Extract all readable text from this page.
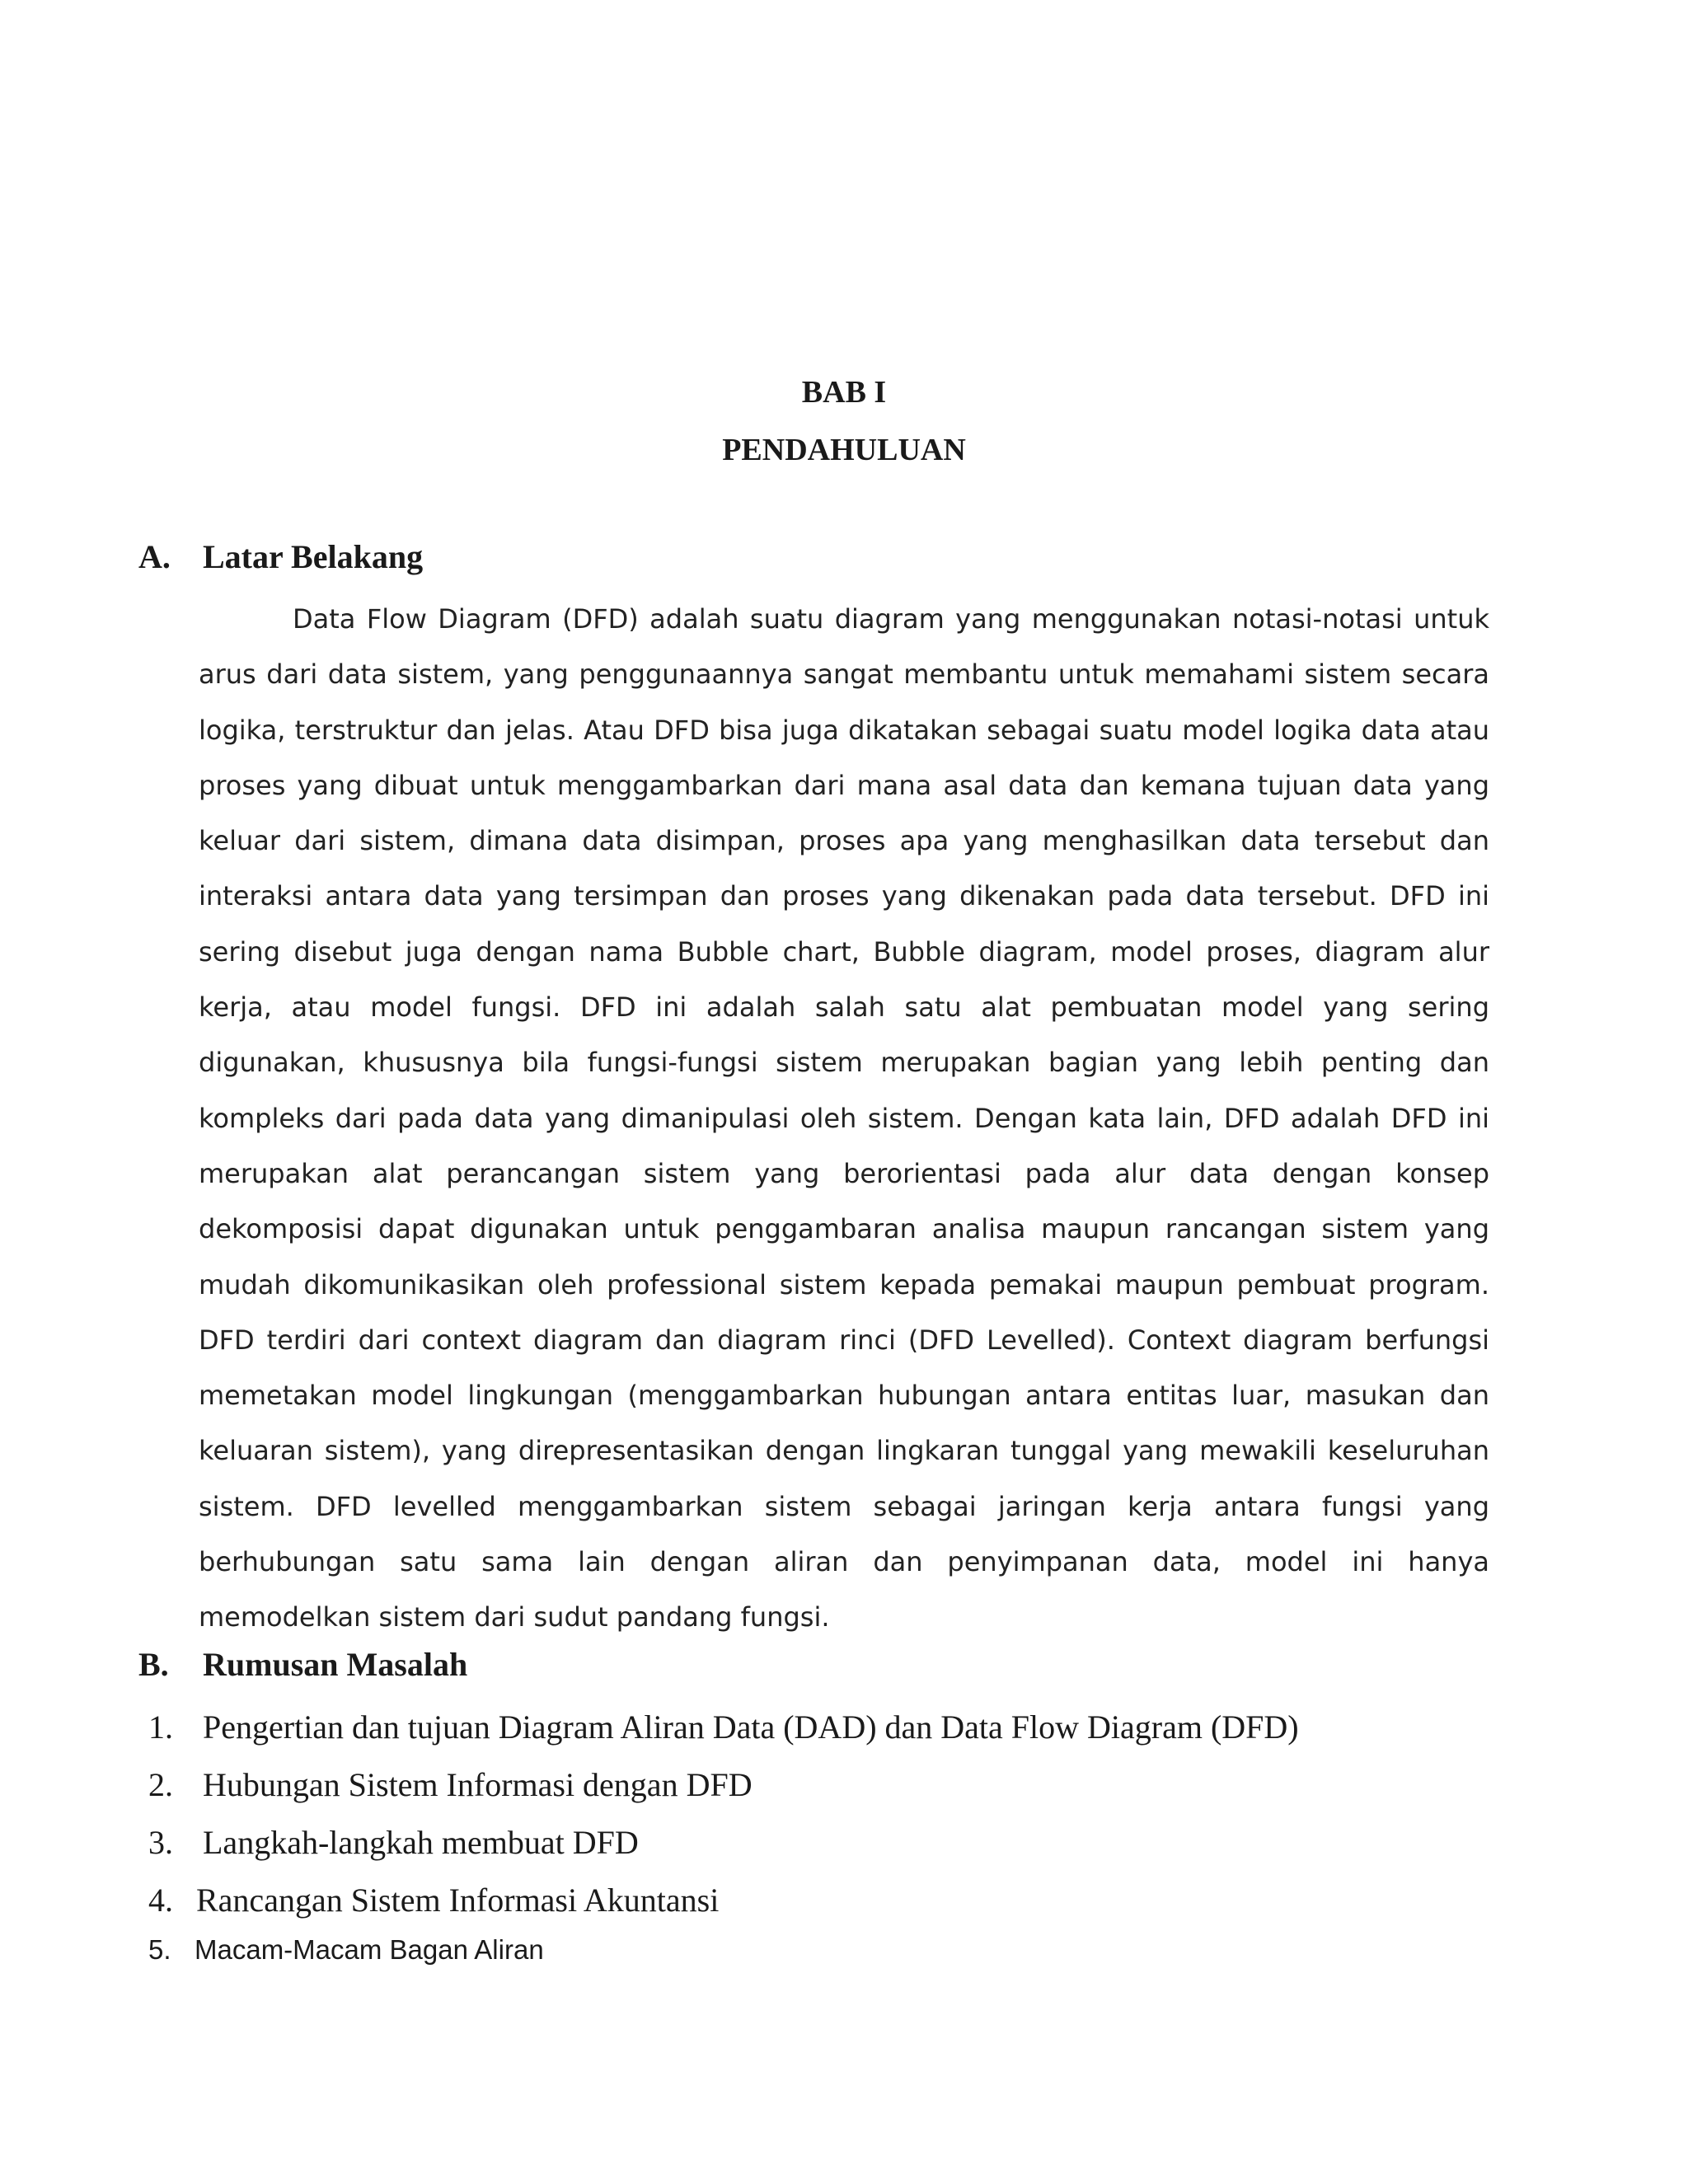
BAB I
PENDAHULUAN
A. Latar Belakang

Data Flow Diagram (DFD) adalah suatu diagram yang menggunakan notasi-notasi untuk arus dari data sistem, yang penggunaannya sangat membantu untuk memahami sistem secara logika, terstruktur dan jelas. Atau DFD bisa juga dikatakan sebagai suatu model logika data atau proses yang dibuat untuk menggambarkan dari mana asal data dan kemana tujuan data yang keluar dari sistem, dimana data disimpan, proses apa yang menghasilkan data tersebut dan interaksi antara data yang tersimpan dan proses yang dikenakan pada data tersebut. DFD ini sering disebut juga dengan nama Bubble chart, Bubble diagram, model proses, diagram alur kerja, atau model fungsi. DFD ini adalah salah satu alat pembuatan model yang sering digunakan, khususnya bila fungsi-fungsi sistem merupakan bagian yang lebih penting dan kompleks dari pada data yang dimanipulasi oleh sistem. Dengan kata lain, DFD adalah DFD ini merupakan alat perancangan sistem yang berorientasi pada alur data dengan konsep dekomposisi dapat digunakan untuk penggambaran analisa maupun rancangan sistem yang mudah dikomunikasikan oleh professional sistem kepada pemakai maupun pembuat program. DFD terdiri dari context diagram dan diagram rinci (DFD Levelled). Context diagram berfungsi memetakan model lingkungan (menggambarkan hubungan antara entitas luar, masukan dan keluaran sistem), yang direpresentasikan dengan lingkaran tunggal yang mewakili keseluruhan sistem. DFD levelled menggambarkan sistem sebagai jaringan kerja antara fungsi yang berhubungan satu sama lain dengan aliran dan penyimpanan data, model ini hanya memodelkan sistem dari sudut pandang fungsi.

B. Rumusan Masalah
1. Pengertian dan tujuan Diagram Aliran Data (DAD) dan Data Flow Diagram (DFD)
2. Hubungan Sistem Informasi dengan DFD
3. Langkah-langkah membuat DFD
4. Rancangan Sistem Informasi Akuntansi
5. Macam-Macam Bagan Aliran
